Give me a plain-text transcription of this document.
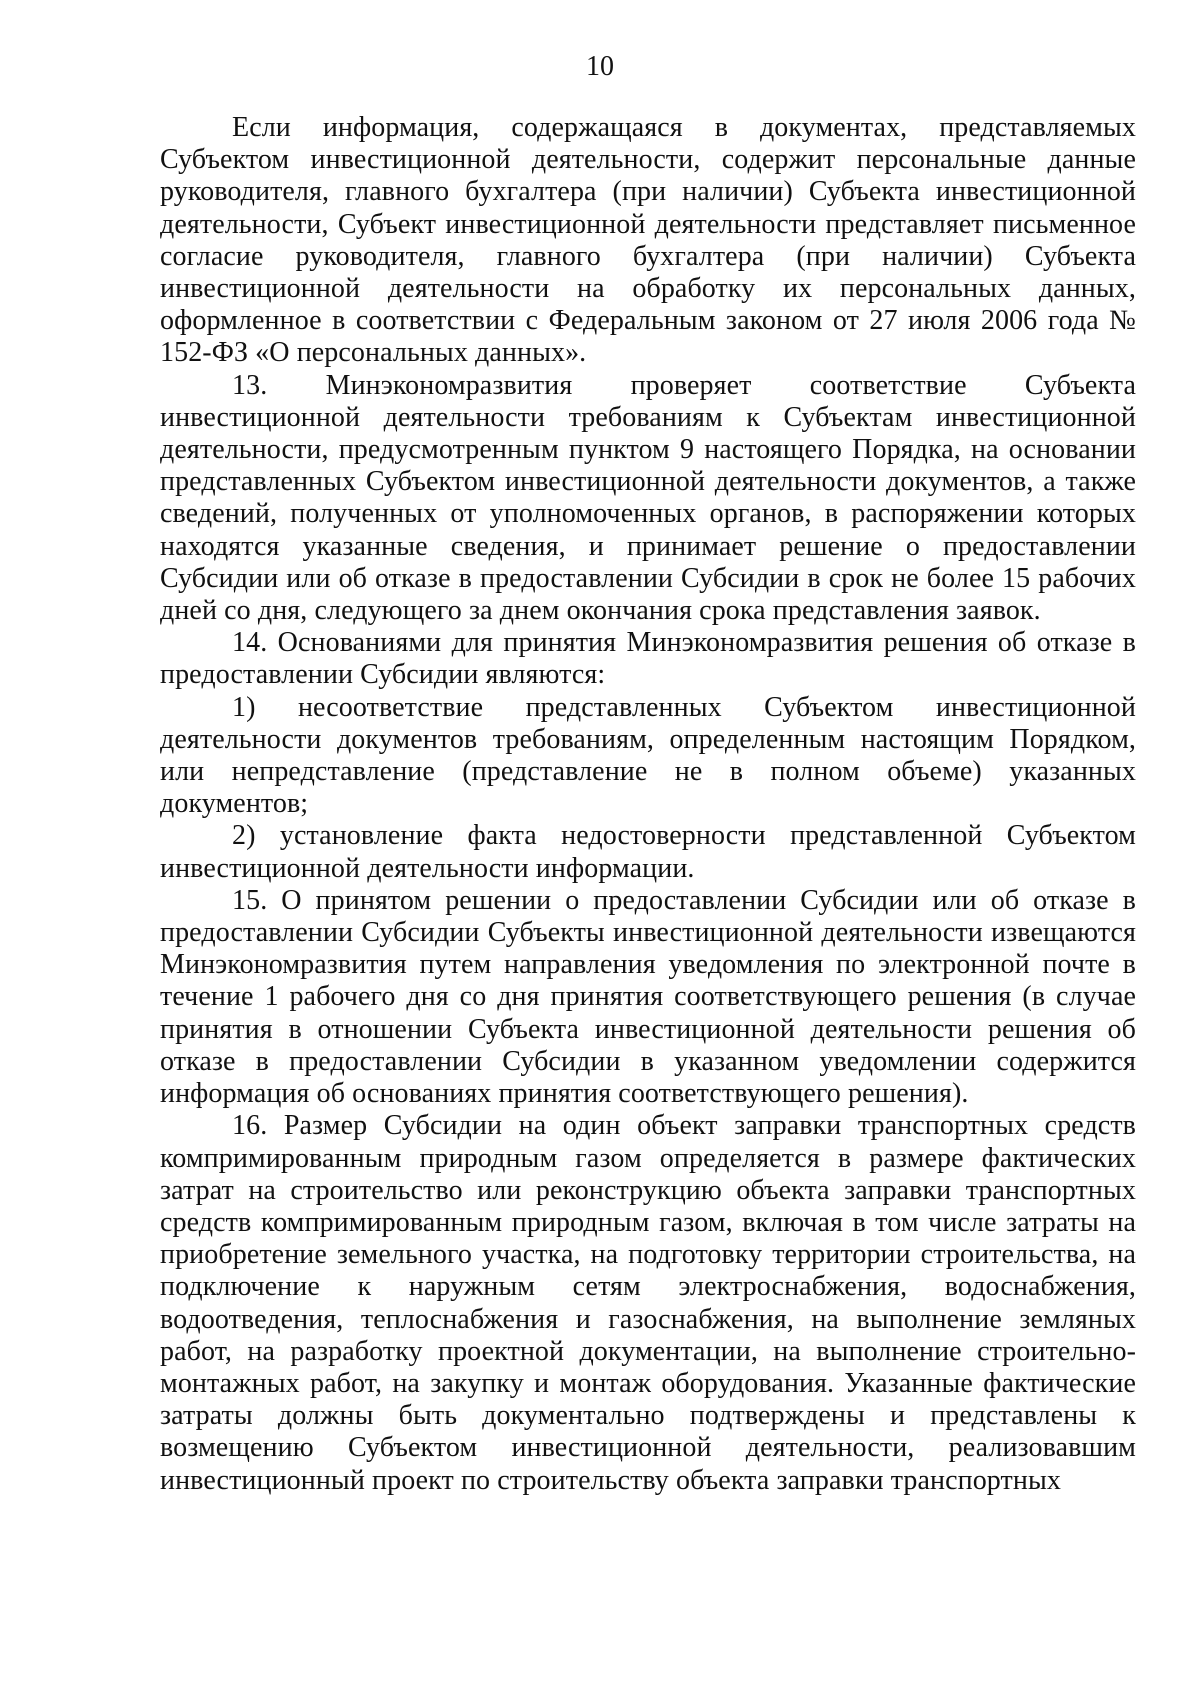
10

Если информация, содержащаяся в документах, представляемых Субъектом инвестиционной деятельности, содержит персональные данные руководителя, главного бухгалтера (при наличии) Субъекта инвестиционной деятельности, Субъект инвестиционной деятельности представляет письменное согласие руководителя, главного бухгалтера (при наличии) Субъекта инвестиционной деятельности на обработку их персональных данных, оформленное в соответствии с Федеральным законом от 27 июля 2006 года № 152-ФЗ «О персональных данных».

13. Минэкономразвития проверяет соответствие Субъекта инвестиционной деятельности требованиям к Субъектам инвестиционной деятельности, предусмотренным пунктом 9 настоящего Порядка, на основании представленных Субъектом инвестиционной деятельности документов, а также сведений, полученных от уполномоченных органов, в распоряжении которых находятся указанные сведения, и принимает решение о предоставлении Субсидии или об отказе в предоставлении Субсидии в срок не более 15 рабочих дней со дня, следующего за днем окончания срока представления заявок.

14. Основаниями для принятия Минэкономразвития решения об отказе в предоставлении Субсидии являются:

1) несоответствие представленных Субъектом инвестиционной деятельности документов требованиям, определенным настоящим Порядком, или непредставление (представление не в полном объеме) указанных документов;

2) установление факта недостоверности представленной Субъектом инвестиционной деятельности информации.

15. О принятом решении о предоставлении Субсидии или об отказе в предоставлении Субсидии Субъекты инвестиционной деятельности извещаются Минэкономразвития путем направления уведомления по электронной почте в течение 1 рабочего дня со дня принятия соответствующего решения (в случае принятия в отношении Субъекта инвестиционной деятельности решения об отказе в предоставлении Субсидии в указанном уведомлении содержится информация об основаниях принятия соответствующего решения).

16. Размер Субсидии на один объект заправки транспортных средств компримированным природным газом определяется в размере фактических затрат на строительство или реконструкцию объекта заправки транспортных средств компримированным природным газом, включая в том числе затраты на приобретение земельного участка, на подготовку территории строительства, на подключение к наружным сетям электроснабжения, водоснабжения, водоотведения, теплоснабжения и газоснабжения, на выполнение земляных работ, на разработку проектной документации, на выполнение строительно-монтажных работ, на закупку и монтаж оборудования. Указанные фактические затраты должны быть документально подтверждены и представлены к возмещению Субъектом инвестиционной деятельности, реализовавшим инвестиционный проект по строительству объекта заправки транспортных
